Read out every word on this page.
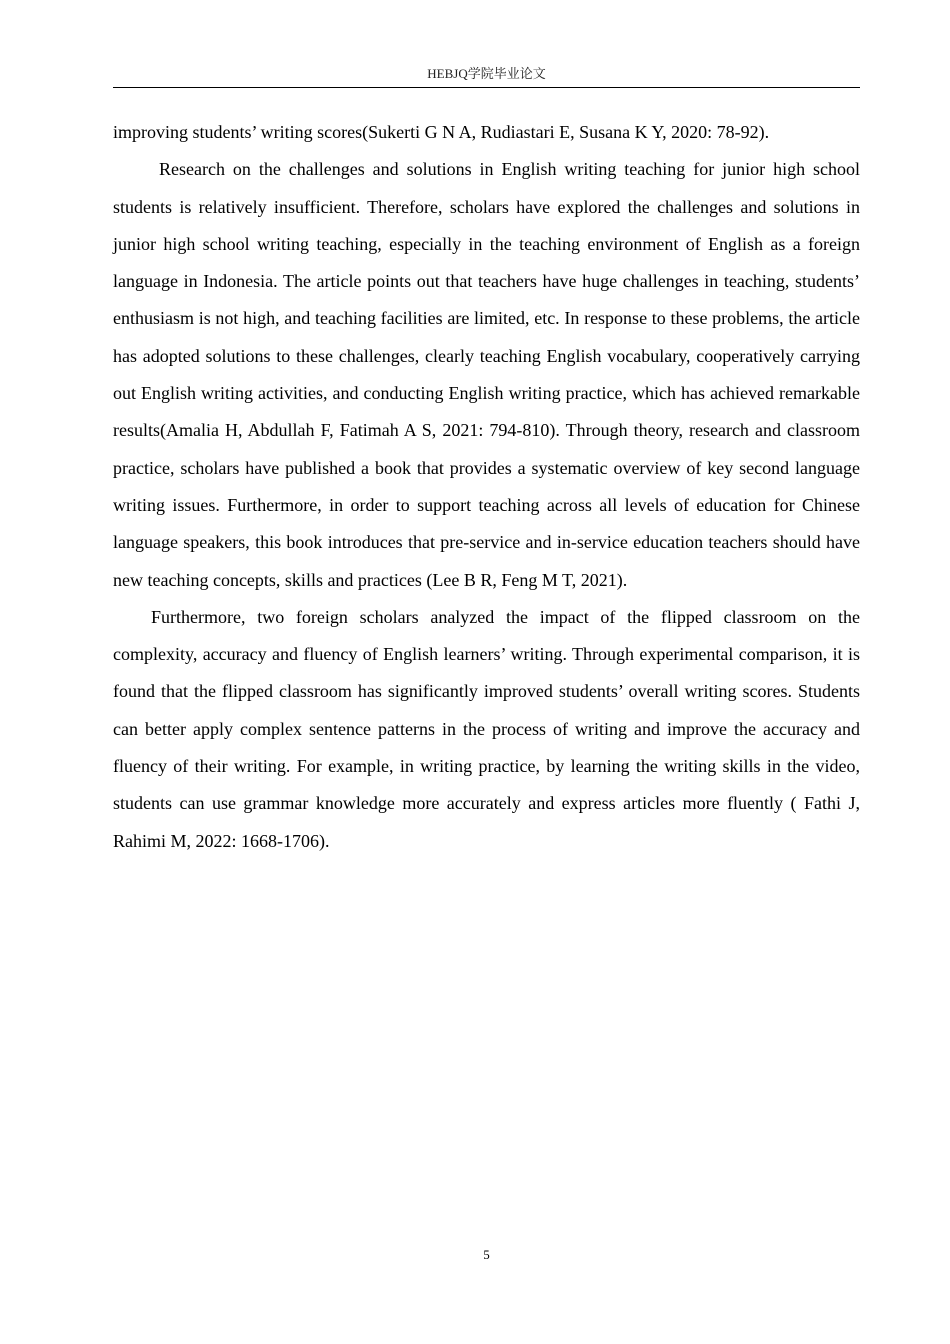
HEBJQ学院毕业论文

improving students’ writing scores(Sukerti G N A, Rudiastari E, Susana K Y, 2020: 78-92).

Research on the challenges and solutions in English writing teaching for junior high school students is relatively insufficient. Therefore, scholars have explored the challenges and solutions in junior high school writing teaching, especially in the teaching environment of English as a foreign language in Indonesia. The article points out that teachers have huge challenges in teaching, students’ enthusiasm is not high, and teaching facilities are limited, etc. In response to these problems, the article has adopted solutions to these challenges, clearly teaching English vocabulary, cooperatively carrying out English writing activities, and conducting English writing practice, which has achieved remarkable results(Amalia H, Abdullah F, Fatimah A S, 2021: 794-810). Through theory, research and classroom practice, scholars have published a book that provides a systematic overview of key second language writing issues. Furthermore, in order to support teaching across all levels of education for Chinese language speakers, this book introduces that pre-service and in-service education teachers should have new teaching concepts, skills and practices (Lee B R, Feng M T, 2021).

Furthermore, two foreign scholars analyzed the impact of the flipped classroom on the complexity, accuracy and fluency of English learners’ writing. Through experimental comparison, it is found that the flipped classroom has significantly improved students’ overall writing scores. Students can better apply complex sentence patterns in the process of writing and improve the accuracy and fluency of their writing. For example, in writing practice, by learning the writing skills in the video, students can use grammar knowledge more accurately and express articles more fluently ( Fathi J, Rahimi M, 2022: 1668-1706).

5
